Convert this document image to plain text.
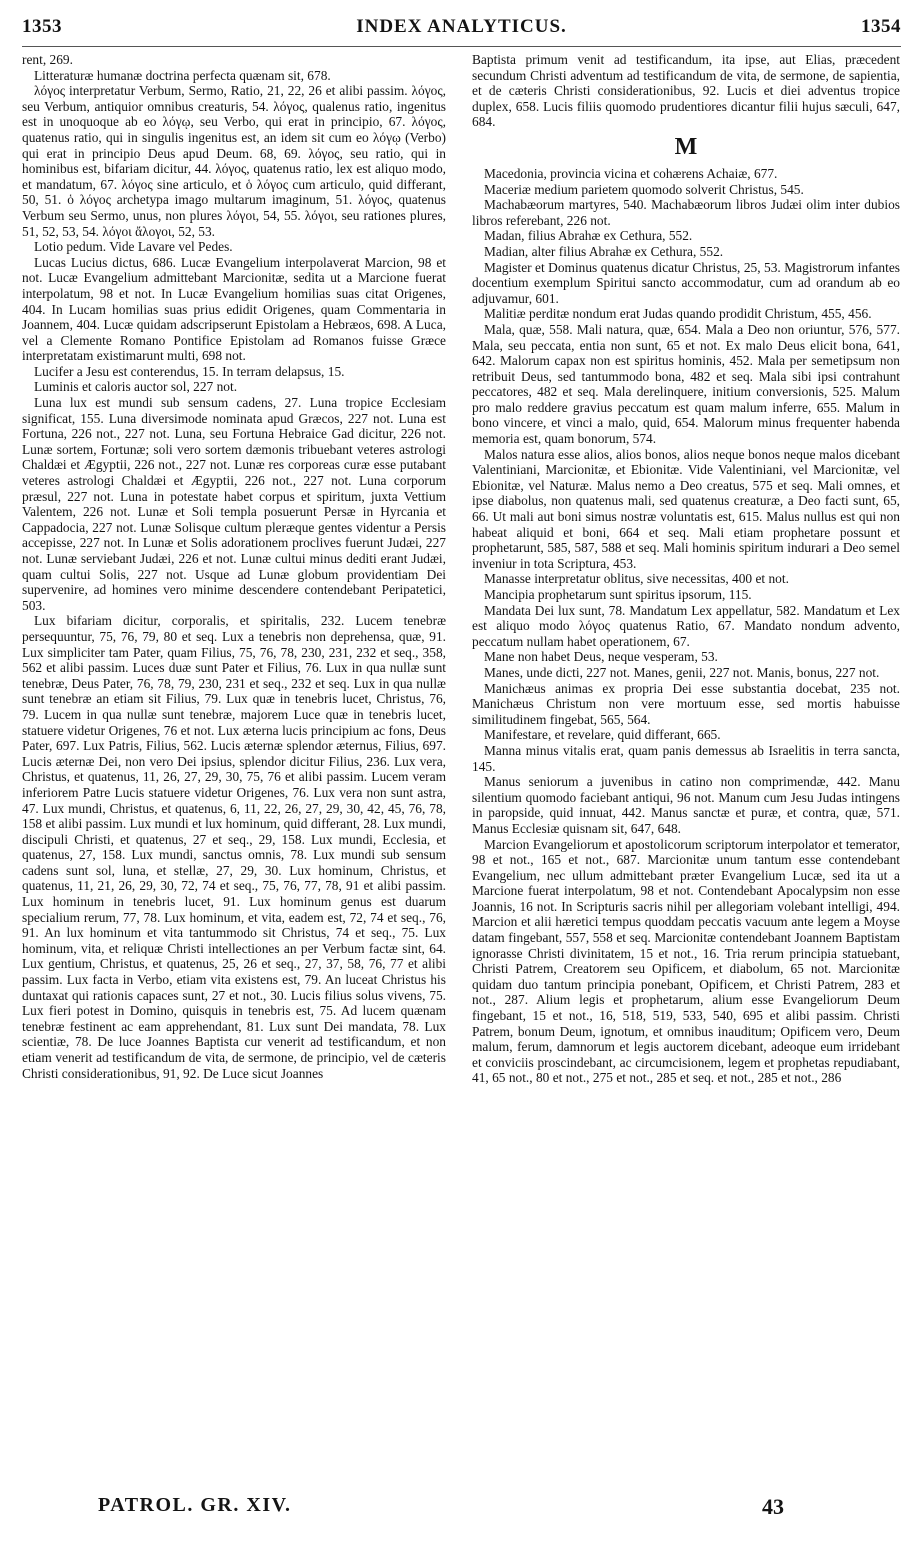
1353	INDEX ANALYTICUS.	1354

rent, 269.

Litteraturæ humanæ doctrina perfecta quænam sit, 678.

λόγος interpretatur Verbum, Sermo, Ratio, 21, 22, 26 et alibi passim. λόγος, seu Verbum, antiquior omnibus creaturis, 54. λόγος, qualenus ratio, ingenitus est in unoquoque ab eo λόγῳ, seu Verbo, qui erat in principio, 67. λόγος, quatenus ratio, qui in singulis ingenitus est, an idem sit cum eo λόγῳ (Verbo) qui erat in principio Deus apud Deum. 68, 69. λόγος, seu ratio, qui in hominibus est, bifariam dicitur, 44. λόγος, quatenus ratio, lex est aliquo modo, et mandatum, 67. λόγος sine articulo, et ὁ λόγος cum articulo, quid differant, 50, 51. ὁ λόγος archetypa imago multarum imaginum, 51. λόγος, quatenus Verbum seu Sermo, unus, non plures λόγοι, 54, 55. λόγοι, seu rationes plures, 51, 52, 53, 54. λόγοι ἄλογοι, 52, 53.

Lotio pedum. Vide Lavare vel Pedes.

Lucas Lucius dictus, 686. Lucæ Evangelium interpolaverat Marcion, 98 et not. Lucæ Evangelium admittebant Marcionitæ, sedita ut a Marcione fuerat interpolatum, 98 et not. In Lucæ Evangelium homilias suas citat Origenes, 404. In Lucam homilias suas prius edidit Origenes, quam Commentaria in Joannem, 404. Lucæ quidam adscripserunt Epistolam a Hebræos, 698. A Luca, vel a Clemente Romano Pontifice Epistolam ad Romanos fuisse Græce interpretatam existimarunt multi, 698 not.

Lucifer a Jesu est conterendus, 15. In terram delapsus, 15.

Luminis et caloris auctor sol, 227 not.

Luna lux est mundi sub sensum cadens, 27. Luna tropice Ecclesiam significat, 155. Luna diversimode nominata apud Græcos, 227 not. Luna est Fortuna, 226 not., 227 not. Luna, seu Fortuna Hebraice Gad dicitur, 226 not. Lunæ sortem, Fortunæ; soli vero sortem dæmonis tribuebant veteres astrologi Chaldæi et Ægyptii, 226 not., 227 not. Lunæ res corporeas curæ esse putabant veteres astrologi Chaldæi et Ægyptii, 226 not., 227 not. Luna corporum præsul, 227 not. Luna in potestate habet corpus et spiritum, juxta Vettium Valentem, 226 not. Lunæ et Soli templa posuerunt Persæ in Hyrcania et Cappadocia, 227 not. Lunæ Solisque cultum pleræque gentes videntur a Persis accepisse, 227 not. In Lunæ et Solis adorationem proclives fuerunt Judæi, 227 not. Lunæ serviebant Judæi, 226 et not. Lunæ cultui minus dediti erant Judæi, quam cultui Solis, 227 not. Usque ad Lunæ globum providentiam Dei supervenire, ad homines vero minime descendere contendebant Peripatetici, 503.

Lux bifariam dicitur, corporalis, et spiritalis, 232. Lucem tenebræ persequuntur, 75, 76, 79, 80 et seq. Lux a tenebris non deprehensa, quæ, 91. Lux simpliciter tam Pater, quam Filius, 75, 76, 78, 230, 231, 232 et seq., 358, 562 et alibi passim. Luces duæ sunt Pater et Filius, 76. Lux in qua nullæ sunt tenebræ, Deus Pater, 76, 78, 79, 230, 231 et seq., 232 et seq. Lux in qua nullæ sunt tenebræ an etiam sit Filius, 79. Lux quæ in tenebris lucet, Christus, 76, 79. Lucem in qua nullæ sunt tenebræ, majorem Luce quæ in tenebris lucet, statuere videtur Origenes, 76 et not. Lux æterna lucis principium ac fons, Deus Pater, 697. Lux Patris, Filius, 562. Lucis æternæ splendor æternus, Filius, 697. Lucis æternæ Dei, non vero Dei ipsius, splendor dicitur Filius, 236. Lux vera, Christus, et quatenus, 11, 26, 27, 29, 30, 75, 76 et alibi passim. Lucem veram inferiorem Patre Lucis statuere videtur Origenes, 76. Lux vera non sunt astra, 47. Lux mundi, Christus, et quatenus, 6, 11, 22, 26, 27, 29, 30, 42, 45, 76, 78, 158 et alibi passim. Lux mundi et lux hominum, quid differant, 28. Lux mundi, discipuli Christi, et quatenus, 27 et seq., 29, 158. Lux mundi, Ecclesia, et quatenus, 27, 158. Lux mundi, sanctus omnis, 78. Lux mundi sub sensum cadens sunt sol, luna, et stellæ, 27, 29, 30. Lux hominum, Christus, et quatenus, 11, 21, 26, 29, 30, 72, 74 et seq., 75, 76, 77, 78, 91 et alibi passim. Lux hominum in tenebris lucet, 91. Lux hominum genus est duarum specialium rerum, 77, 78. Lux hominum, et vita, eadem est, 72, 74 et seq., 76, 91. An lux hominum et vita tantummodo sit Christus, 74 et seq., 75. Lux hominum, vita, et reliquæ Christi intellectiones an per Verbum factæ sint, 64. Lux gentium, Christus, et quatenus, 25, 26 et seq., 27, 37, 58, 76, 77 et alibi passim. Lux facta in Verbo, etiam vita existens est, 79. An luceat Christus his duntaxat qui rationis capaces sunt, 27 et not., 30. Lucis filius solus vivens, 75. Lux fieri potest in Domino, quisquis in tenebris est, 75. Ad lucem quænam tenebræ festinent ac eam apprehendant, 81. Lux sunt Dei mandata, 78. Lux scientiæ, 78. De luce Joannes Baptista cur venerit ad testificandum, et non etiam venerit ad testificandum de vita, de sermone, de principio, vel de cæteris Christi considerationibus, 91, 92. De Luce sicut Joannes

Baptista primum venit ad testificandum, ita ipse, aut Elias, præcedent secundum Christi adventum ad testificandum de vita, de sermone, de sapientia, et de cæteris Christi considerationibus, 92. Lucis et diei adventus tropice duplex, 658. Lucis filiis quomodo prudentiores dicantur filii hujus sæculi, 647, 684.

M

Macedonia, provincia vicina et cohærens Achaiæ, 677.

Maceriæ medium parietem quomodo solverit Christus, 545.

Machabæorum martyres, 540. Machabæorum libros Judæi olim inter dubios libros referebant, 226 not.

Madan, filius Abrahæ ex Cethura, 552.

Madian, alter filius Abrahæ ex Cethura, 552.

Magister et Dominus quatenus dicatur Christus, 25, 53. Magistrorum infantes docentium exemplum Spiritui sancto accommodatur, cum ad orandum ab eo adjuvamur, 601.

Malitiæ perditæ nondum erat Judas quando prodidit Christum, 455, 456.

Mala, quæ, 558. Mali natura, quæ, 654. Mala a Deo non oriuntur, 576, 577. Mala, seu peccata, entia non sunt, 65 et not. Ex malo Deus elicit bona, 641, 642. Malorum capax non est spiritus hominis, 452. Mala per semetipsum non retribuit Deus, sed tantummodo bona, 482 et seq. Mala sibi ipsi contrahunt peccatores, 482 et seq. Mala derelinquere, initium conversionis, 525. Malum pro malo reddere gravius peccatum est quam malum inferre, 655. Malum in bono vincere, et vinci a malo, quid, 654. Malorum minus frequenter habenda memoria est, quam bonorum, 574.

Malos natura esse alios, alios bonos, alios neque bonos neque malos dicebant Valentiniani, Marcionitæ, et Ebionitæ. Vide Valentiniani, vel Marcionitæ, vel Ebionitæ, vel Naturæ. Malus nemo a Deo creatus, 575 et seq. Mali omnes, et ipse diabolus, non quatenus mali, sed quatenus creaturæ, a Deo facti sunt, 65, 66. Ut mali aut boni simus nostræ voluntatis est, 615. Malus nullus est qui non habeat aliquid et boni, 664 et seq. Mali etiam prophetare possunt et prophetarunt, 585, 587, 588 et seq. Mali hominis spiritum indurari a Deo semel inveniur in tota Scriptura, 453.

Manasse interpretatur oblitus, sive necessitas, 400 et not.

Mancipia prophetarum sunt spiritus ipsorum, 115.

Mandata Dei lux sunt, 78. Mandatum Lex appellatur, 582. Mandatum et Lex est aliquo modo λόγος quatenus Ratio, 67. Mandato nondum advento, peccatum nullam habet operationem, 67.

Mane non habet Deus, neque vesperam, 53.

Manes, unde dicti, 227 not. Manes, genii, 227 not. Manis, bonus, 227 not.

Manichæus animas ex propria Dei esse substantia docebat, 235 not. Manichæus Christum non vere mortuum esse, sed mortis habuisse similitudinem fingebat, 565, 564.

Manifestare, et revelare, quid differant, 665.

Manna minus vitalis erat, quam panis demessus ab Israelitis in terra sancta, 145.

Manus seniorum a juvenibus in catino non comprimendæ, 442. Manu silentium quomodo faciebant antiqui, 96 not. Manum cum Jesu Judas intingens in paropside, quid innuat, 442. Manus sanctæ et puræ, et contra, quæ, 571. Manus Ecclesiæ quisnam sit, 647, 648.

Marcion Evangeliorum et apostolicorum scriptorum interpolator et temerator, 98 et not., 165 et not., 687. Marcionitæ unum tantum esse contendebant Evangelium, nec ullum admittebant præter Evangelium Lucæ, sed ita ut a Marcione fuerat interpolatum, 98 et not. Contendebant Apocalypsim non esse Joannis, 16 not. In Scripturis sacris nihil per allegoriam volebant intelligi, 494. Marcion et alii hæretici tempus quoddam peccatis vacuum ante legem a Moyse datam fingebant, 557, 558 et seq. Marcionitæ contendebant Joannem Baptistam ignorasse Christi divinitatem, 15 et not., 16. Tria rerum principia statuebant, Christi Patrem, Creatorem seu Opificem, et diabolum, 65 not. Marcionitæ quidam duo tantum principia ponebant, Opificem, et Christi Patrem, 283 et not., 287. Alium legis et prophetarum, alium esse Evangeliorum Deum fingebant, 15 et not., 16, 518, 519, 533, 540, 695 et alibi passim. Christi Patrem, bonum Deum, ignotum, et omnibus inauditum; Opificem vero, Deum malum, ferum, damnorum et legis auctorem dicebant, adeoque eum irridebant et conviciis proscindebant, ac circumcisionem, legem et prophetas repudiabant, 41, 65 not., 80 et not., 275 et not., 285 et seq. et not., 285 et not., 286

PATROL. GR. XIV.	43
